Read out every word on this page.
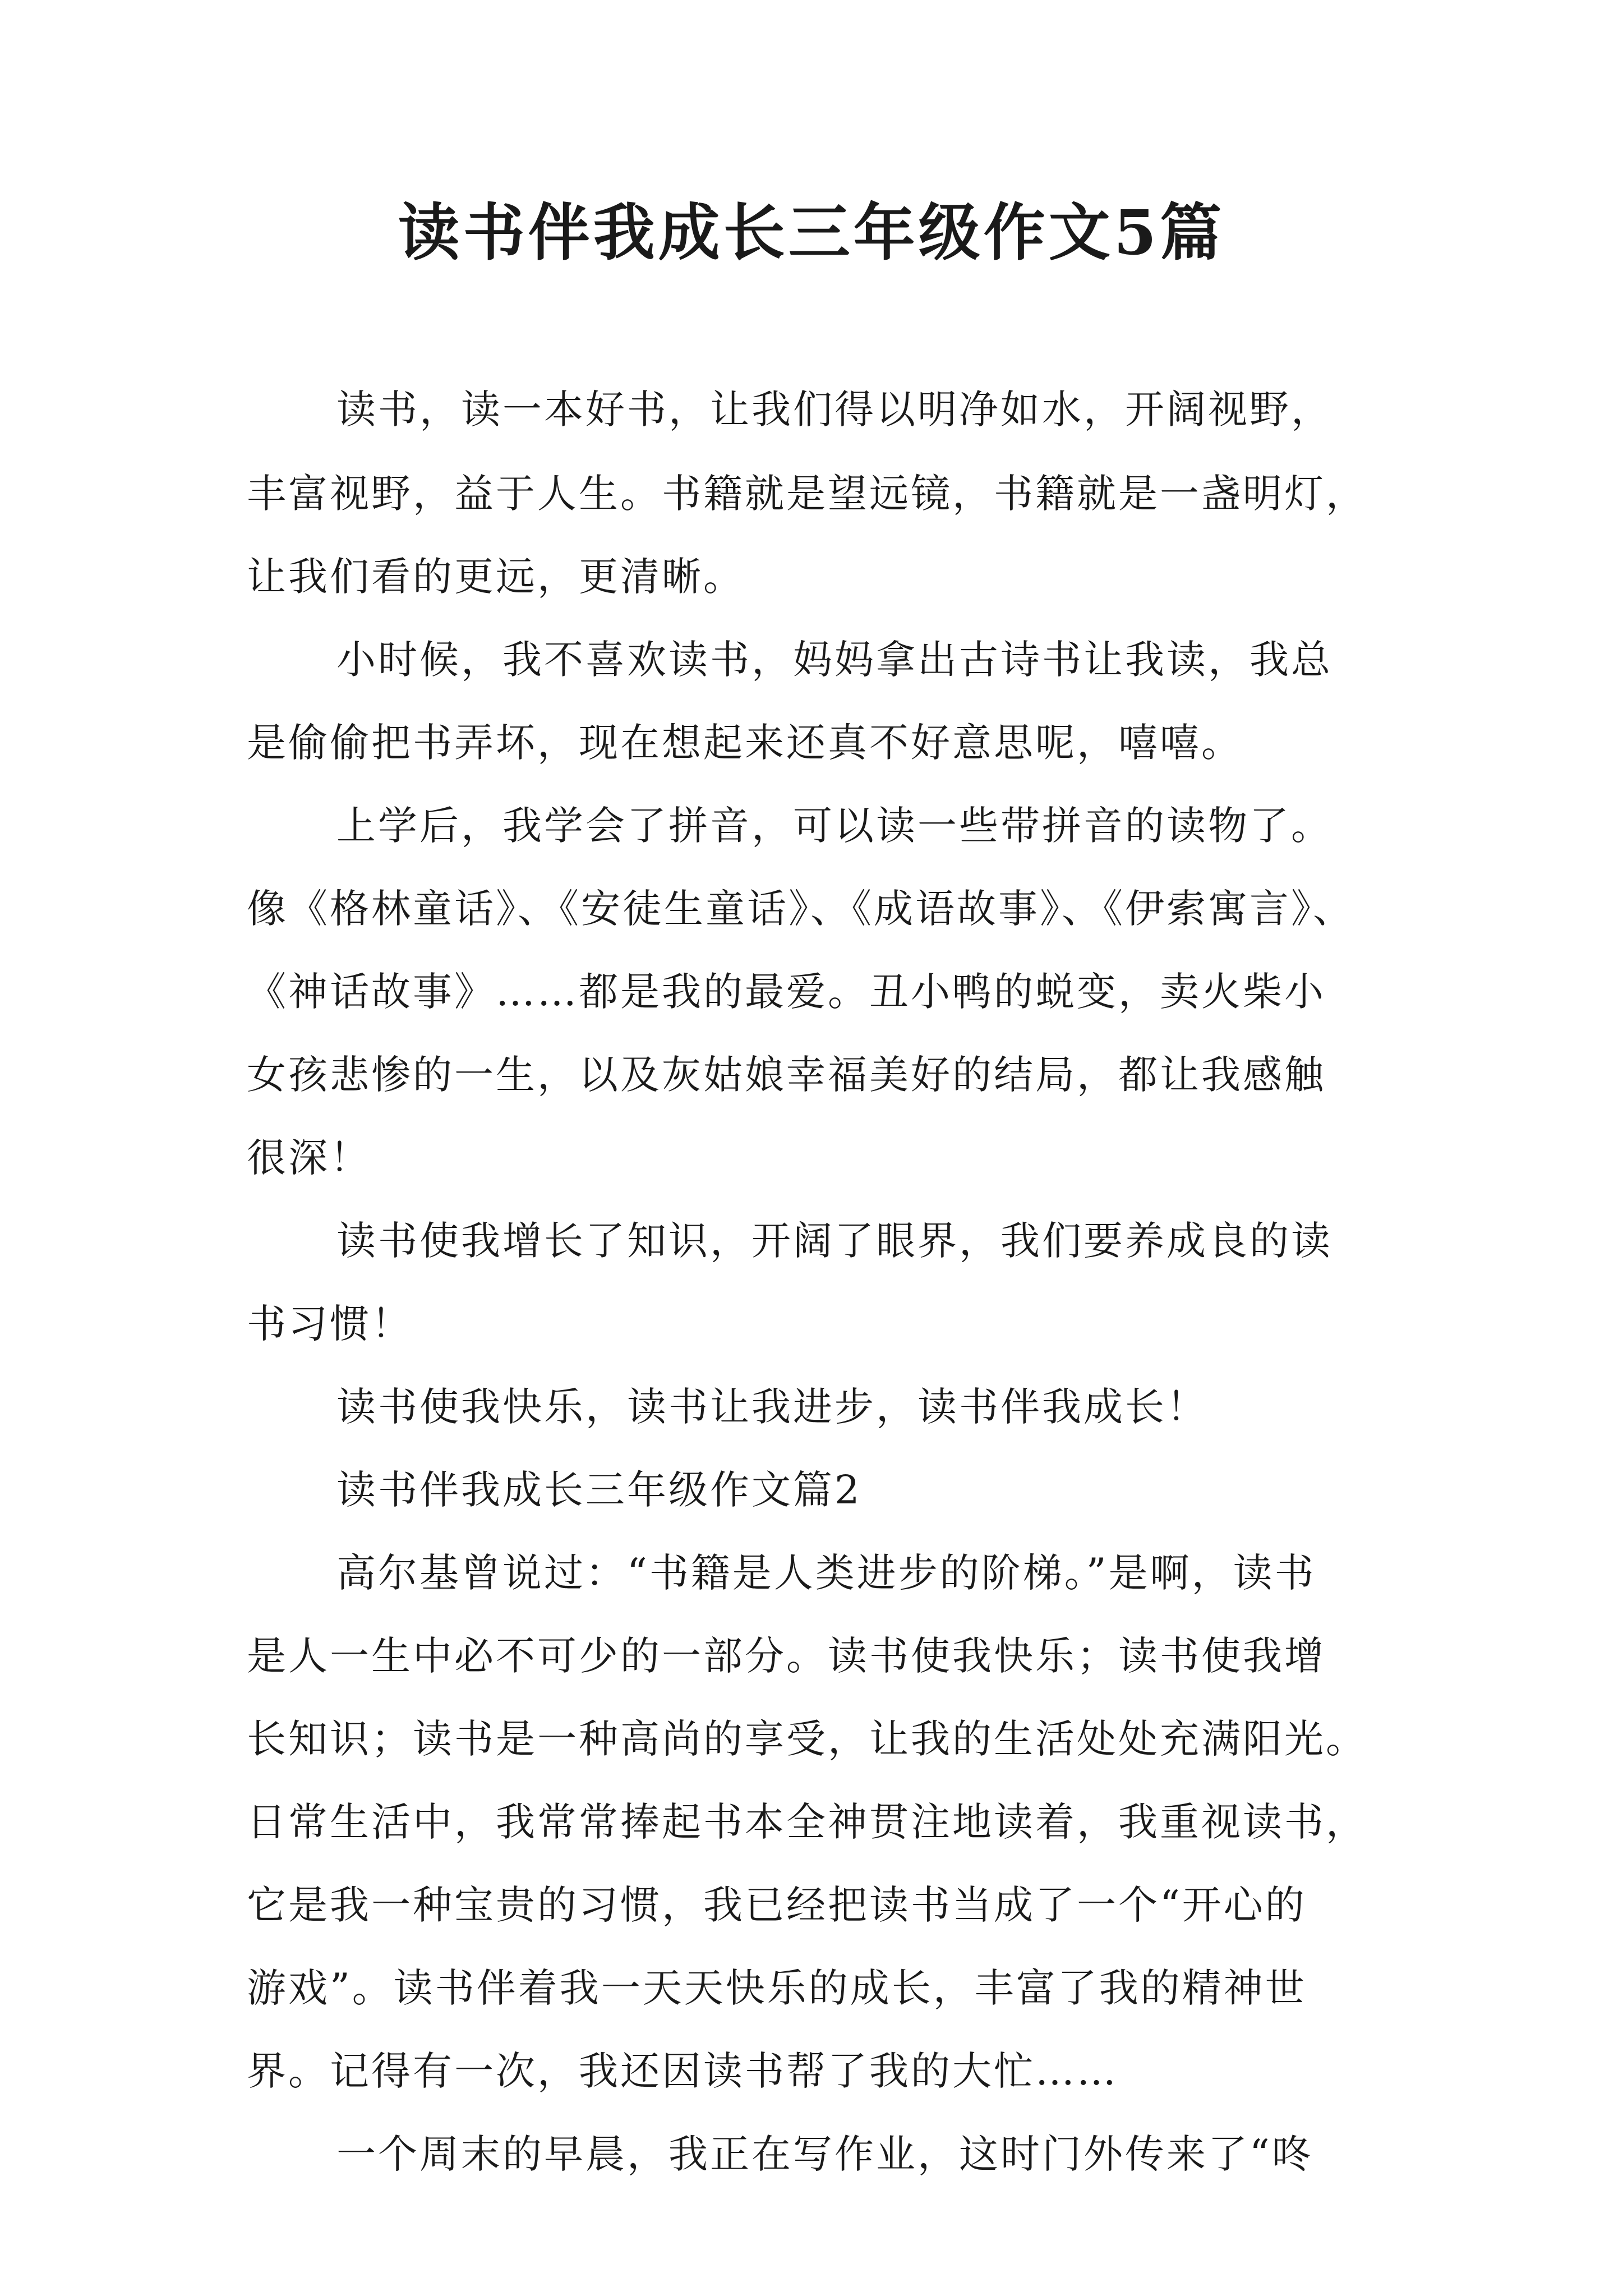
读书伴我成长三年级作文5篇
读书，读一本好书，让我们得以明净如水，开阔视野，
丰富视野，益于人生。书籍就是望远镜，书籍就是一盏明灯，
让我们看的更远，更清晰。
小时候，我不喜欢读书，妈妈拿出古诗书让我读，我总
是偷偷把书弄坏，现在想起来还真不好意思呢，嘻嘻。
上学后，我学会了拼音，可以读一些带拼音的读物了。
像《格林童话》、《安徒生童话》、《成语故事》、《伊索寓言》、
《神话故事》……都是我的最爱。丑小鸭的蜕变，卖火柴小
女孩悲惨的一生，以及灰姑娘幸福美好的结局，都让我感触
很深！
读书使我增长了知识，开阔了眼界，我们要养成良的读
书习惯！
读书使我快乐，读书让我进步，读书伴我成长！
读书伴我成长三年级作文篇2
高尔基曾说过：“书籍是人类进步的阶梯。”是啊，读书
是人一生中必不可少的一部分。读书使我快乐；读书使我增
长知识；读书是一种高尚的享受，让我的生活处处充满阳光。
日常生活中，我常常捧起书本全神贯注地读着，我重视读书，
它是我一种宝贵的习惯，我已经把读书当成了一个“开心的
游戏”。读书伴着我一天天快乐的成长，丰富了我的精神世
界。记得有一次，我还因读书帮了我的大忙……
一个周末的早晨，我正在写作业，这时门外传来了“咚
